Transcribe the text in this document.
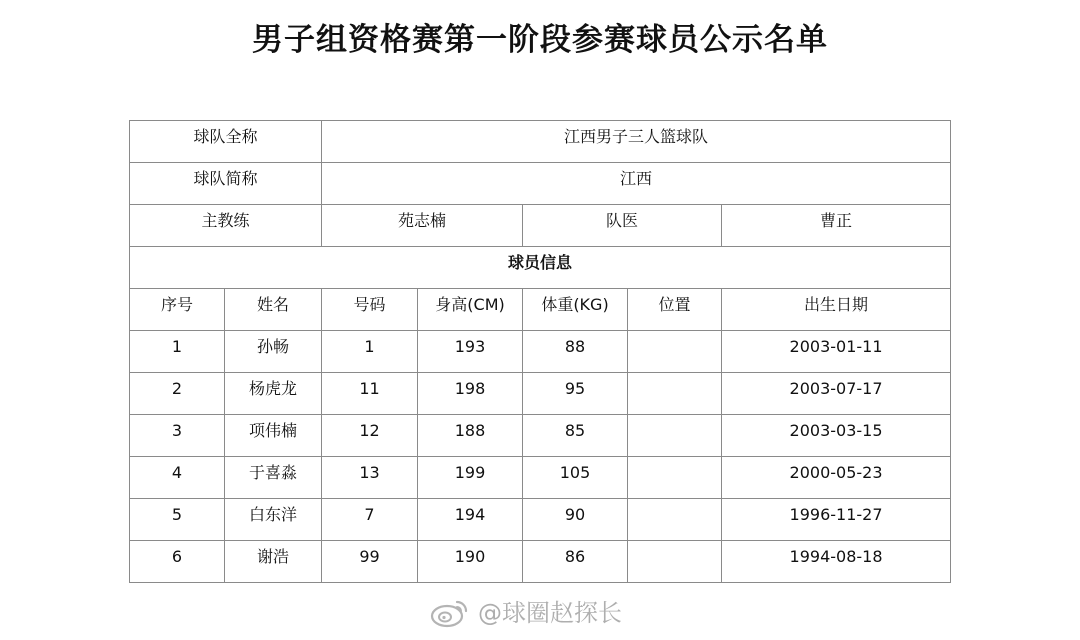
男子组资格赛第一阶段参赛球员公示名单
球队全称		江西男子三人篮球队				
球队简称		江西				
主教练		苑志楠		队医		曹正
球员信息						
序号	姓名	号码	身高(CM)	体重(KG)	位置	出生日期
1	孙畅	1	193	88		2003-01-11
2	杨虎龙	11	198	95		2003-07-17
3	项伟楠	12	188	85		2003-03-15
4	于喜淼	13	199	105		2000-05-23
5	白东洋	7	194	90		1996-11-27
6	谢浩	99	190	86		1994-08-18
@球圈赵探长
